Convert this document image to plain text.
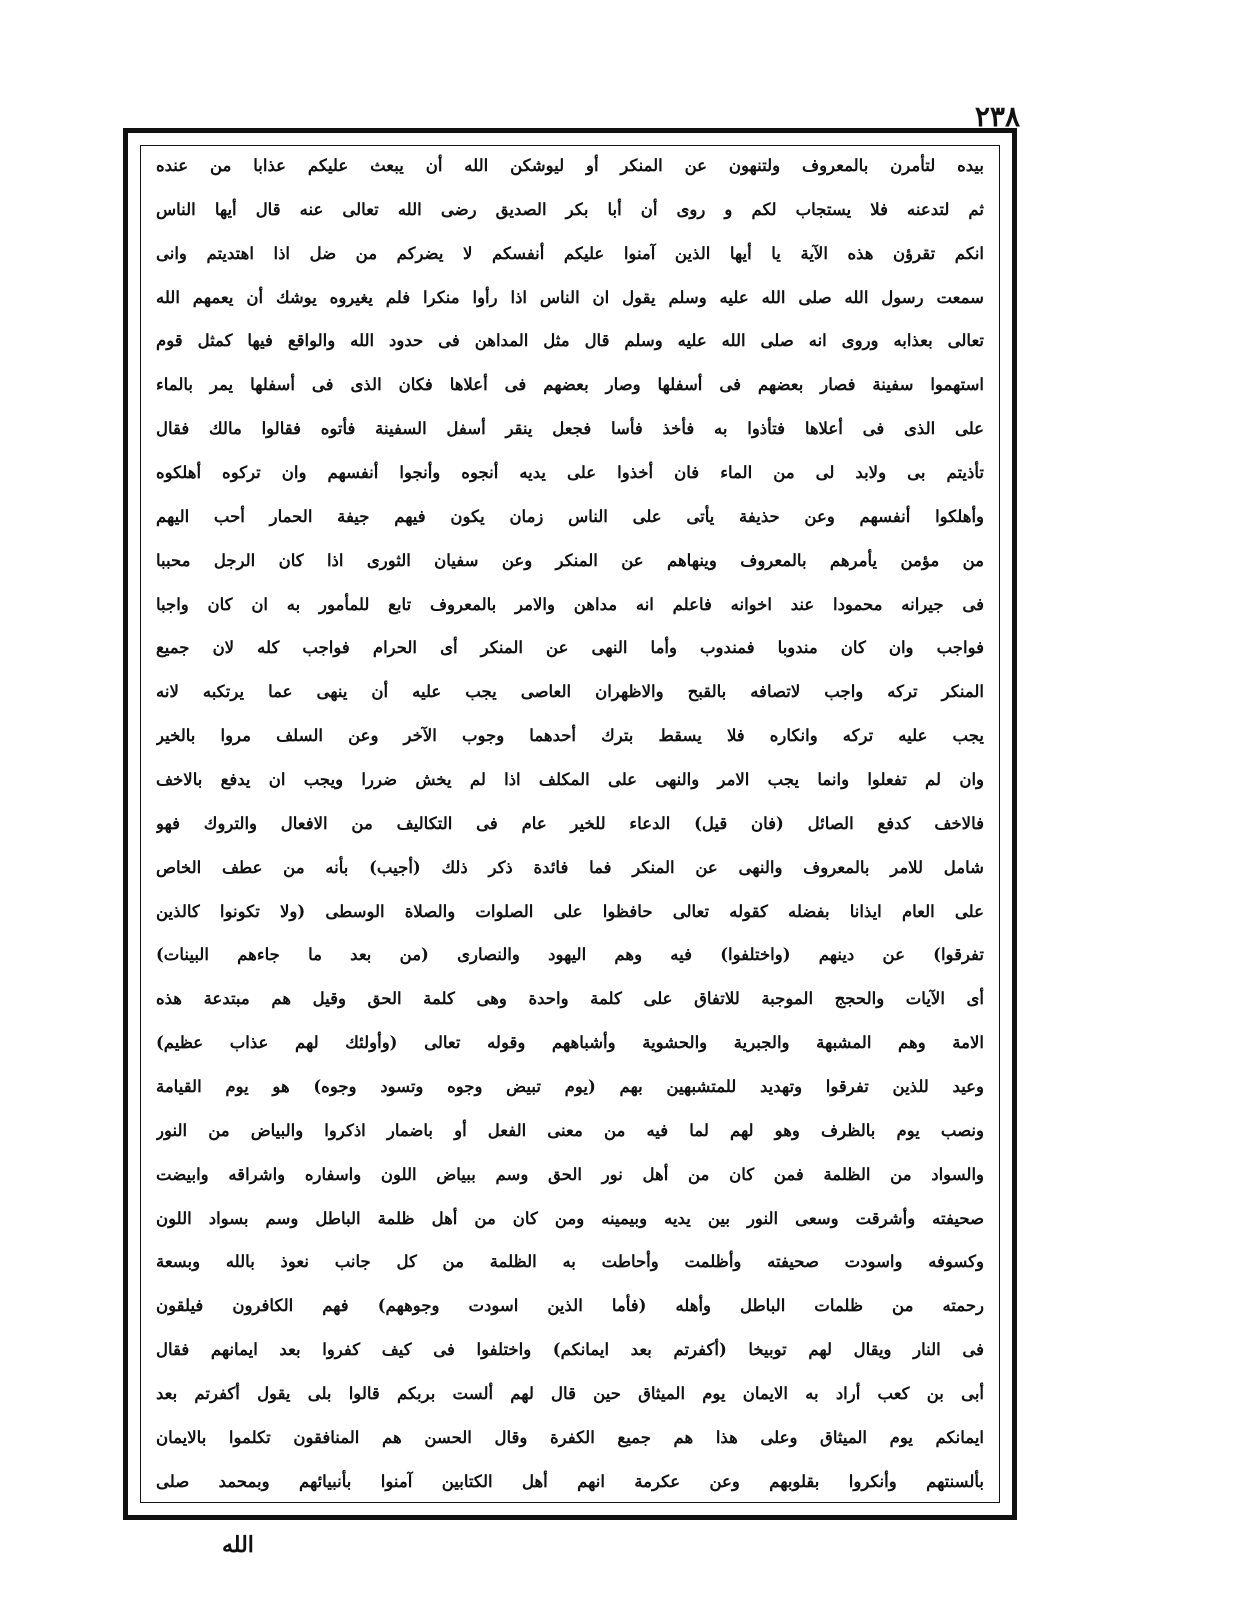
٢٣٨
بيده لتأمرن بالمعروف ولتنهون عن المنكر أو ليوشكن الله أن يبعث عليكم عذابا من عنده
ثم لتدعنه فلا يستجاب لكم و روى أن أبا بكر الصديق رضى الله تعالى عنه قال أيها الناس
انكم تقرؤن هذه الآية يا أيها الذين آمنوا عليكم أنفسكم لا يضركم من ضل اذا اهتديتم وانى
سمعت رسول الله صلى الله عليه وسلم يقول ان الناس اذا رأوا منكرا فلم يغيروه يوشك أن يعمهم الله
تعالى بعذابه وروى انه صلى الله عليه وسلم قال مثل المداهن فى حدود الله والواقع فيها كمثل قوم
استهموا سفينة فصار بعضهم فى أسفلها وصار بعضهم فى أعلاها فكان الذى فى أسفلها يمر بالماء
على الذى فى أعلاها فتأذوا به فأخذ فأسا فجعل ينقر أسفل السفينة فأتوه فقالوا مالك فقال
تأذيتم بى ولابد لى من الماء فان أخذوا على يديه أنجوه وأنجوا أنفسهم وان تركوه أهلكوه
وأهلكوا أنفسهم وعن حذيفة يأتى على الناس زمان يكون فيهم جيفة الحمار أحب اليهم
من مؤمن يأمرهم بالمعروف وينهاهم عن المنكر وعن سفيان الثورى اذا كان الرجل محببا
فى جيرانه محمودا عند اخوانه فاعلم انه مداهن والامر بالمعروف تابع للمأمور به ان كان واجبا
فواجب وان كان مندوبا فمندوب وأما النهى عن المنكر أى الحرام فواجب كله لان جميع
المنكر تركه واجب لاتصافه بالقبح والاظهران العاصى يجب عليه أن ينهى عما يرتكبه لانه
يجب عليه تركه وانكاره فلا يسقط بترك أحدهما وجوب الآخر وعن السلف مروا بالخير
وان لم تفعلوا وانما يجب الامر والنهى على المكلف اذا لم يخش ضررا ويجب ان يدفع بالاخف
فالاخف كدفع الصائل (فان قيل) الدعاء للخير عام فى التكاليف من الافعال والتروك فهو
شامل للامر بالمعروف والنهى عن المنكر فما فائدة ذكر ذلك (أجيب) بأنه من عطف الخاص
على العام ايذانا بفضله كقوله تعالى حافظوا على الصلوات والصلاة الوسطى (ولا تكونوا كالذين
تفرقوا) عن دينهم (واختلفوا) فيه وهم اليهود والنصارى (من بعد ما جاءهم البينات)
أى الآيات والحجج الموجبة للاتفاق على كلمة واحدة وهى كلمة الحق وقيل هم مبتدعة هذه
الامة وهم المشبهة والجبرية والحشوية وأشباههم وقوله تعالى (وأولئك لهم عذاب عظيم)
وعيد للذين تفرقوا وتهديد للمتشبهين بهم (يوم تبيض وجوه وتسود وجوه) هو يوم القيامة
ونصب يوم بالظرف وهو لهم لما فيه من معنى الفعل أو باضمار اذكروا والبياض من النور
والسواد من الظلمة فمن كان من أهل نور الحق وسم ببياض اللون واسفاره واشراقه وابيضت
صحيفته وأشرقت وسعى النور بين يديه وبيمينه ومن كان من أهل ظلمة الباطل وسم بسواد اللون
وكسوفه واسودت صحيفته وأظلمت وأحاطت به الظلمة من كل جانب نعوذ بالله وبسعة
رحمته من ظلمات الباطل وأهله (فأما الذين اسودت وجوههم) فهم الكافرون فيلقون
فى النار ويقال لهم توبيخا (أكفرتم بعد ايمانكم) واختلفوا فى كيف كفروا بعد ايمانهم فقال
أبى بن كعب أراد به الايمان يوم الميثاق حين قال لهم ألست بربكم قالوا بلى يقول أكفرتم بعد
ايمانكم يوم الميثاق وعلى هذا هم جميع الكفرة وقال الحسن هم المنافقون تكلموا بالايمان
بألسنتهم وأنكروا بقلوبهم وعن عكرمة انهم أهل الكتابين آمنوا بأنبيائهم وبمحمد صلى
الله
